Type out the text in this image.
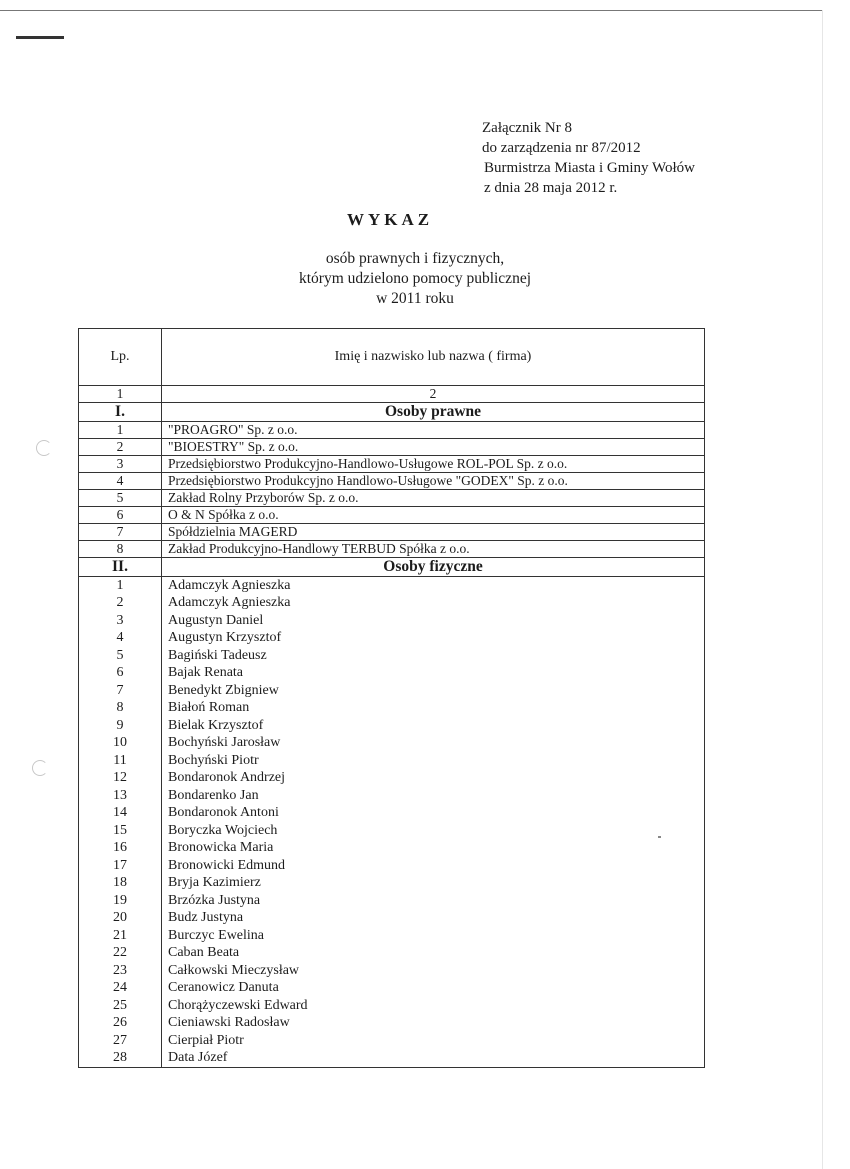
Załącznik Nr 8
do zarządzenia nr 87/2012
Burmistrza Miasta i Gminy Wołów
z dnia 28 maja 2012 r.
WYKAZ
osób prawnych i fizycznych,
którym udzielono pomocy publicznej
w 2011 roku
Lp.	Imię i nazwisko lub nazwa ( firma)
1	2
I.	Osoby prawne
1	"PROAGRO" Sp. z o.o.
2	"BIOESTRY" Sp. z o.o.
3	Przedsiębiorstwo Produkcyjno-Handlowo-Usługowe ROL-POL Sp. z o.o.
4	Przedsiębiorstwo Produkcyjno Handlowo-Usługowe "GODEX" Sp. z o.o.
5	Zakład Rolny Przyborów Sp. z o.o.
6	O & N Spółka z o.o.
7	Spółdzielnia MAGERD
8	Zakład Produkcyjno-Handlowy TERBUD Spółka z o.o.
II.	Osoby fizyczne
1	Adamczyk Agnieszka
2	Adamczyk Agnieszka
3	Augustyn Daniel
4	Augustyn Krzysztof
5	Bagiński Tadeusz
6	Bajak Renata
7	Benedykt Zbigniew
8	Białoń Roman
9	Bielak Krzysztof
10	Bochyński Jarosław
11	Bochyński Piotr
12	Bondaronok Andrzej
13	Bondarenko Jan
14	Bondaronok Antoni
15	Boryczka Wojciech
16	Bronowicka Maria
17	Bronowicki Edmund
18	Bryja Kazimierz
19	Brzózka Justyna
20	Budz Justyna
21	Burczyc Ewelina
22	Caban Beata
23	Całkowski Mieczysław
24	Ceranowicz Danuta
25	Chorążyczewski Edward
26	Cieniawski Radosław
27	Cierpiał Piotr
28	Data Józef
